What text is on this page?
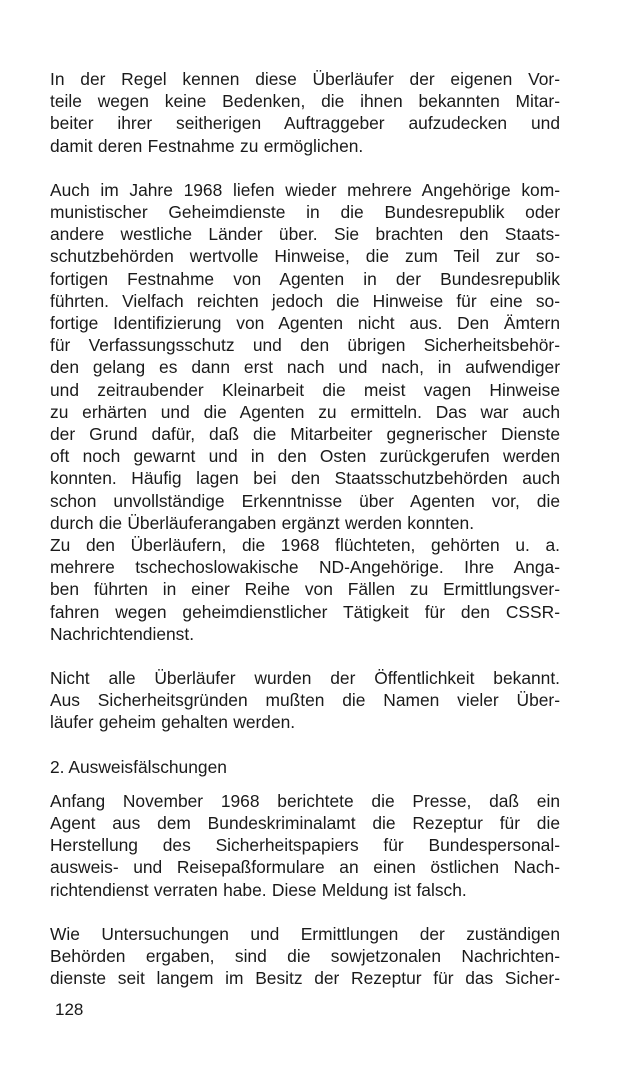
In der Regel kennen diese Überläufer der eigenen Vor-
teile wegen keine Bedenken, die ihnen bekannten Mitar-
beiter ihrer seitherigen Auftraggeber aufzudecken und
damit deren Festnahme zu ermöglichen.

Auch im Jahre 1968 liefen wieder mehrere Angehörige kom-
munistischer Geheimdienste in die Bundesrepublik oder
andere westliche Länder über. Sie brachten den Staats-
schutzbehörden wertvolle Hinweise, die zum Teil zur so-
fortigen Festnahme von Agenten in der Bundesrepublik
führten. Vielfach reichten jedoch die Hinweise für eine so-
fortige Identifizierung von Agenten nicht aus. Den Ämtern
für Verfassungsschutz und den übrigen Sicherheitsbehör-
den gelang es dann erst nach und nach, in aufwendiger
und zeitraubender Kleinarbeit die meist vagen Hinweise
zu erhärten und die Agenten zu ermitteln. Das war auch
der Grund dafür, daß die Mitarbeiter gegnerischer Dienste
oft noch gewarnt und in den Osten zurückgerufen werden
konnten. Häufig lagen bei den Staatsschutzbehörden auch
schon unvollständige Erkenntnisse über Agenten vor, die
durch die Überläuferangaben ergänzt werden konnten.

Zu den Überläufern, die 1968 flüchteten, gehörten u. a.
mehrere tschechoslowakische ND-Angehörige. Ihre Anga-
ben führten in einer Reihe von Fällen zu Ermittlungsver-
fahren wegen geheimdienstlicher Tätigkeit für den CSSR-
Nachrichtendienst.

Nicht alle Überläufer wurden der Öffentlichkeit bekannt.
Aus Sicherheitsgründen mußten die Namen vieler Über-
läufer geheim gehalten werden.

2. Ausweisfälschungen

Anfang November 1968 berichtete die Presse, daß ein
Agent aus dem Bundeskriminalamt die Rezeptur für die
Herstellung des Sicherheitspapiers für Bundespersonal-
ausweis- und Reisepaßformulare an einen östlichen Nach-
richtendienst verraten habe. Diese Meldung ist falsch.

Wie Untersuchungen und Ermittlungen der zuständigen
Behörden ergaben, sind die sowjetzonalen Nachrichten-
dienste seit langem im Besitz der Rezeptur für das Sicher-

128
